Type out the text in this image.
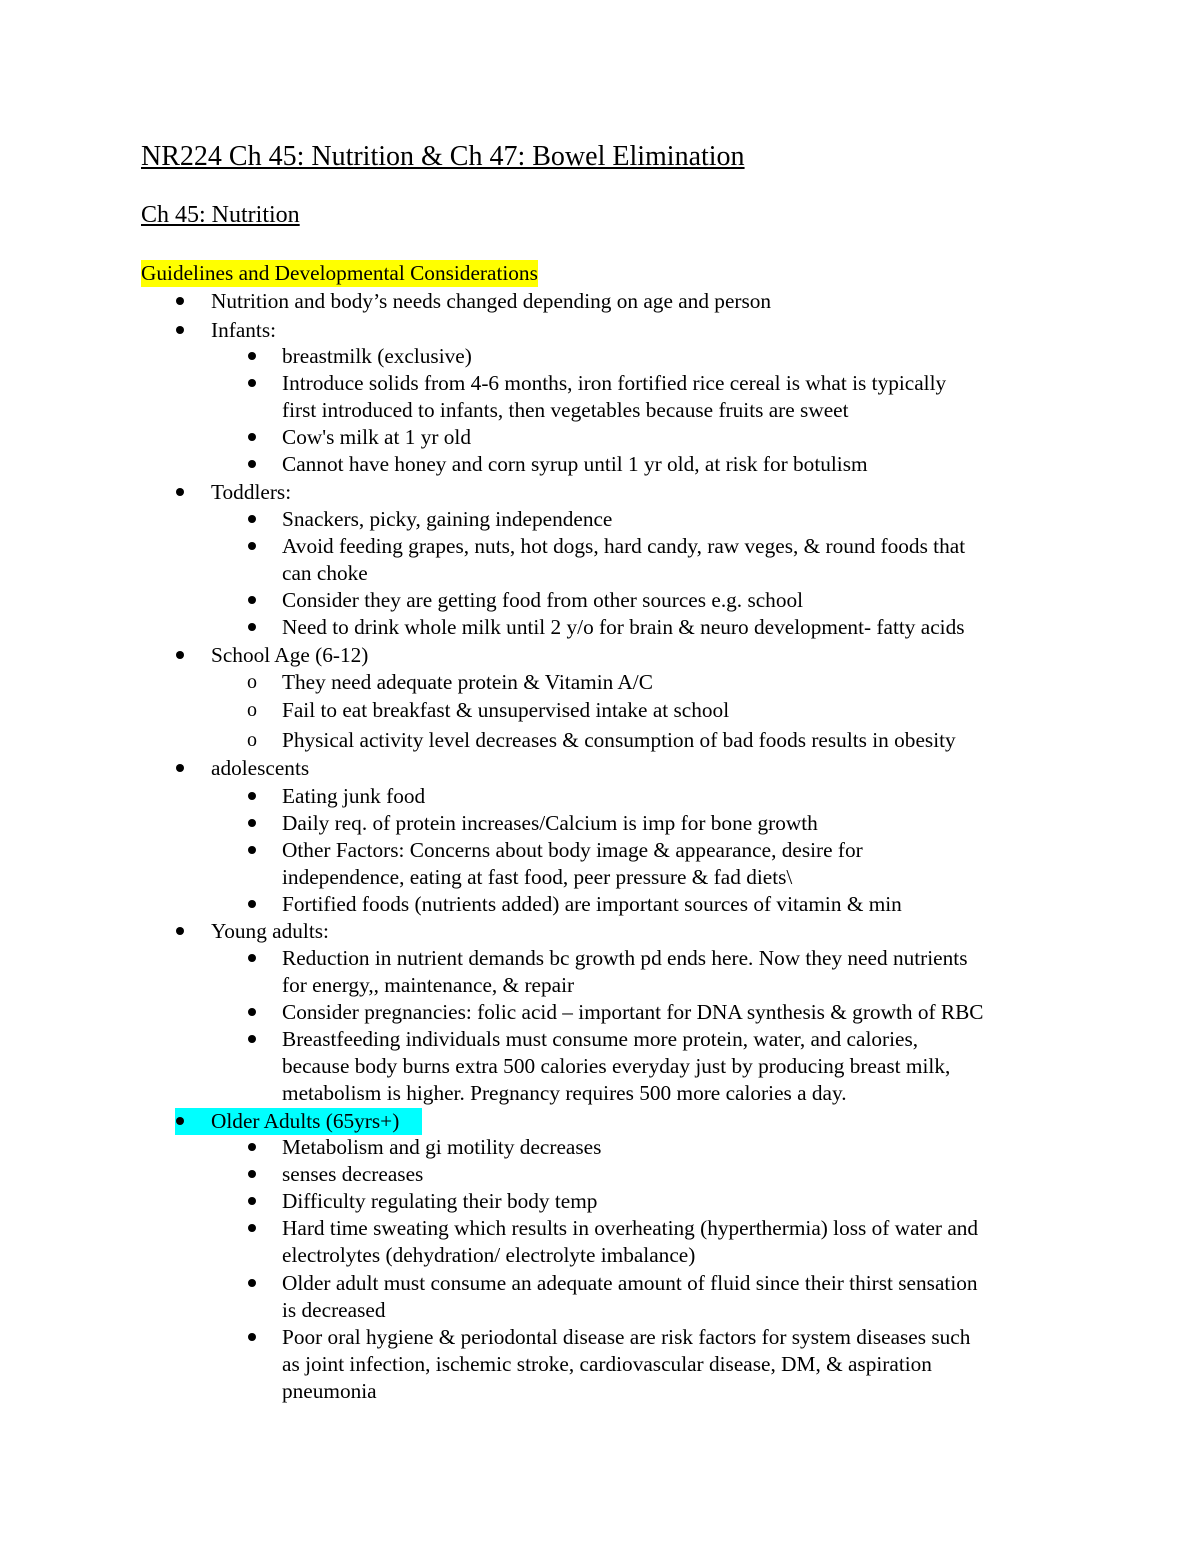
NR224 Ch 45: Nutrition & Ch 47: Bowel Elimination
Ch 45: Nutrition
Guidelines and Developmental Considerations
Nutrition and body’s needs changed depending on age and person
Infants:
breastmilk (exclusive)
Introduce solids from 4-6 months, iron fortified rice cereal is what is typically
first introduced to infants, then vegetables because fruits are sweet
Cow's milk at 1 yr old
Cannot have honey and corn syrup until 1 yr old, at risk for botulism
Toddlers:
Snackers, picky, gaining independence
Avoid feeding grapes, nuts, hot dogs, hard candy, raw veges, & round foods that
can choke
Consider they are getting food from other sources e.g. school
Need to drink whole milk until 2 y/o for brain & neuro development- fatty acids
School Age (6-12)
o They need adequate protein & Vitamin A/C
o Fail to eat breakfast & unsupervised intake at school
o Physical activity level decreases & consumption of bad foods results in obesity
adolescents
Eating junk food
Daily req. of protein increases/Calcium is imp for bone growth
Other Factors: Concerns about body image & appearance, desire for
independence, eating at fast food, peer pressure & fad diets\
Fortified foods (nutrients added) are important sources of vitamin & min
Young adults:
Reduction in nutrient demands bc growth pd ends here. Now they need nutrients
for energy,, maintenance, & repair
Consider pregnancies: folic acid – important for DNA synthesis & growth of RBC
Breastfeeding individuals must consume more protein, water, and calories,
because body burns extra 500 calories everyday just by producing breast milk,
metabolism is higher. Pregnancy requires 500 more calories a day.
Older Adults (65yrs+)
Metabolism and gi motility decreases
senses decreases
Difficulty regulating their body temp
Hard time sweating which results in overheating (hyperthermia) loss of water and
electrolytes (dehydration/ electrolyte imbalance)
Older adult must consume an adequate amount of fluid since their thirst sensation
is decreased
Poor oral hygiene & periodontal disease are risk factors for system diseases such
as joint infection, ischemic stroke, cardiovascular disease, DM, & aspiration
pneumonia
